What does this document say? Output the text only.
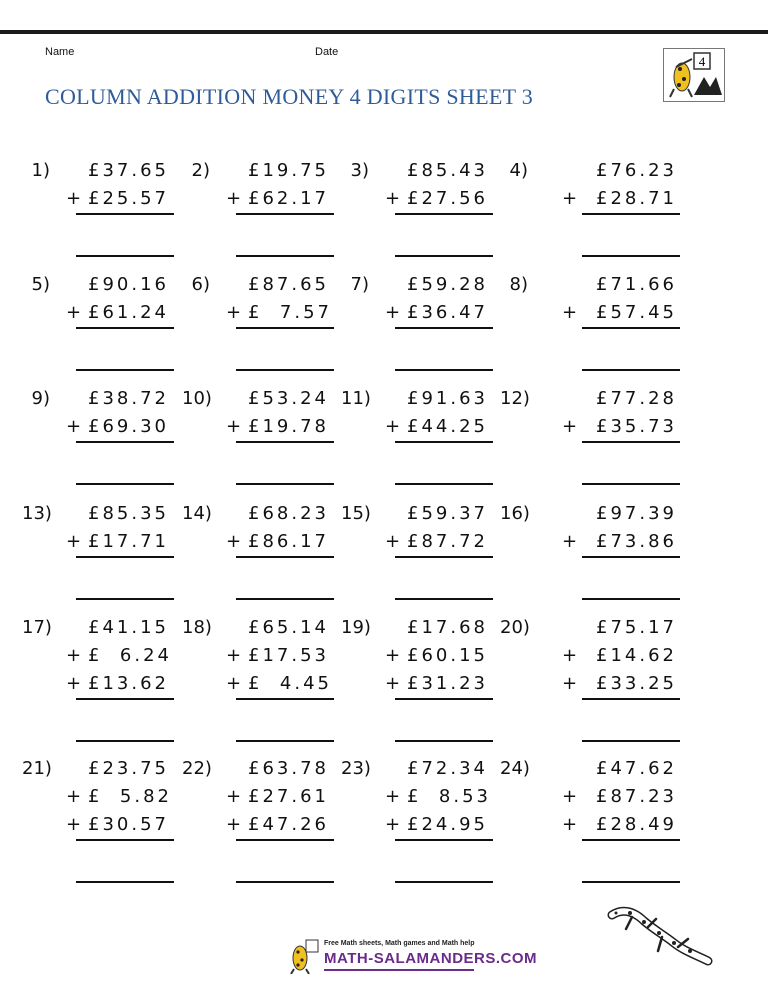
Name	Date
COLUMN ADDITION MONEY 4 DIGITS SHEET 3
4
1) £37.65
+ £25.57
2) £19.75
+ £62.17
3) £85.43
+ £27.56
4)	£76.23
+ £28.71
5) £90.16
+ £61.24
6) £87.65
+ £  7.57
7) £59.28
+ £36.47
8)	£71.66
+ £57.45
9) £38.72
+ £69.30
10) £53.24
+ £19.78
11) £91.63
+ £44.25
12)	£77.28
+ £35.73
13) £85.35
+ £17.71
14) £68.23
+ £86.17
15) £59.37
+ £87.72
16)	£97.39
+ £73.86
17) £41.15
+ £  6.24
+ £13.62
18) £65.14
+ £17.53
+ £  4.45
19) £17.68
+ £60.15
+ £31.23
20)	£75.17
+ £14.62
+ £33.25
21) £23.75
+ £  5.82
+ £30.57
22) £63.78
+ £27.61
+ £47.26
23) £72.34
+ £  8.53
+ £24.95
24)	£47.62
+ £87.23
+ £28.49
Free Math sheets, Math games and Math help
MATH-SALAMANDERS.COM
